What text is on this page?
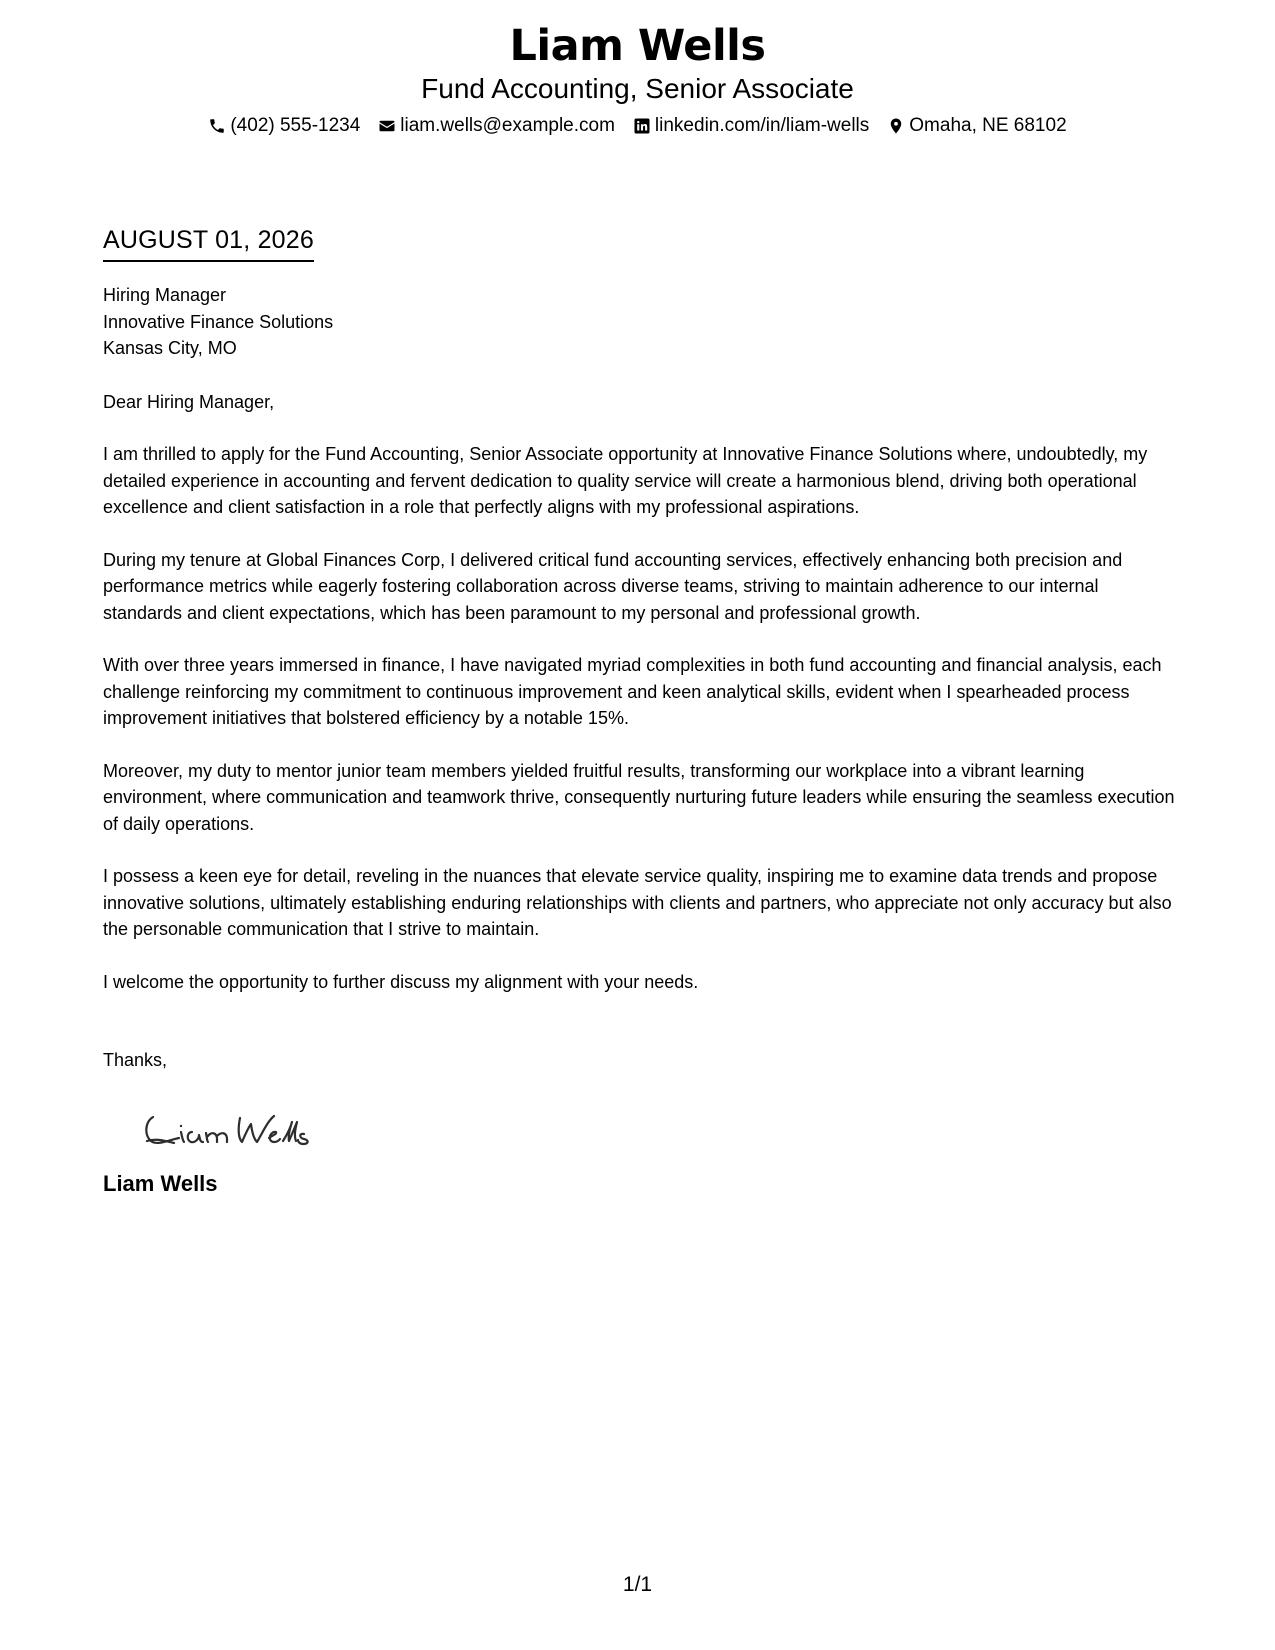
Liam Wells
Fund Accounting, Senior Associate
(402) 555-1234 liam.wells@example.com linkedin.com/in/liam-wells Omaha, NE 68102
AUGUST 01, 2026
Hiring Manager
Innovative Finance Solutions
Kansas City, MO
Dear Hiring Manager,
I am thrilled to apply for the Fund Accounting, Senior Associate opportunity at Innovative Finance Solutions where, undoubtedly, my detailed experience in accounting and fervent dedication to quality service will create a harmonious blend, driving both operational excellence and client satisfaction in a role that perfectly aligns with my professional aspirations.
During my tenure at Global Finances Corp, I delivered critical fund accounting services, effectively enhancing both precision and performance metrics while eagerly fostering collaboration across diverse teams, striving to maintain adherence to our internal standards and client expectations, which has been paramount to my personal and professional growth.
With over three years immersed in finance, I have navigated myriad complexities in both fund accounting and financial analysis, each challenge reinforcing my commitment to continuous improvement and keen analytical skills, evident when I spearheaded process improvement initiatives that bolstered efficiency by a notable 15%.
Moreover, my duty to mentor junior team members yielded fruitful results, transforming our workplace into a vibrant learning environment, where communication and teamwork thrive, consequently nurturing future leaders while ensuring the seamless execution of daily operations.
I possess a keen eye for detail, reveling in the nuances that elevate service quality, inspiring me to examine data trends and propose innovative solutions, ultimately establishing enduring relationships with clients and partners, who appreciate not only accuracy but also the personable communication that I strive to maintain.
I welcome the opportunity to further discuss my alignment with your needs.
Thanks,
Liam Wells
1/1
